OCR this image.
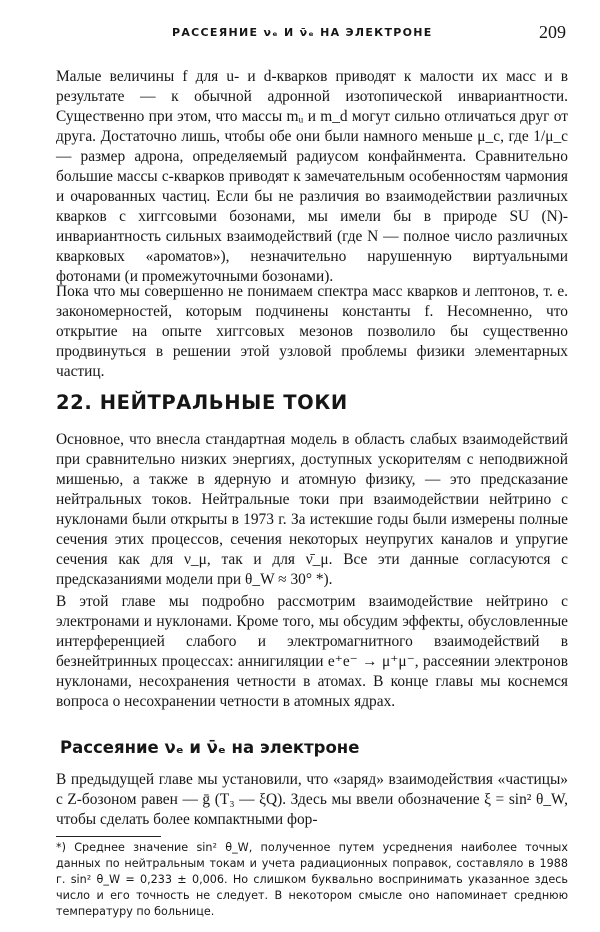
РАССЕЯНИЕ νₑ И ν̄ₑ НА ЭЛЕКТРОНЕ	209

Малые величины f для u- и d-кварков приводят к малости их масс и в результате — к обычной адронной изотопической инвариантности. Существенно при этом, что массы mᵤ и m_d могут сильно отличаться друг от друга. Достаточно лишь, чтобы обе они были намного меньше μ_c, где 1/μ_c — размер адрона, определяемый радиусом конфайнмента. Сравнительно большие массы c-кварков приводят к замечательным особенностям чармония и очарованных частиц. Если бы не различия во взаимодействии различных кварков с хиггсовыми бозонами, мы имели бы в природе SU (N)-инвариантность сильных взаимодействий (где N — полное число различных кварковых «ароматов»), незначительно нарушенную виртуальными фотонами (и промежуточными бозонами).

Пока что мы совершенно не понимаем спектра масс кварков и лептонов, т. е. закономерностей, которым подчинены константы f. Несомненно, что открытие на опыте хиггсовых мезонов позволило бы существенно продвинуться в решении этой узловой проблемы физики элементарных частиц.

22. НЕЙТРАЛЬНЫЕ ТОКИ

Основное, что внесла стандартная модель в область слабых взаимодействий при сравнительно низких энергиях, доступных ускорителям с неподвижной мишенью, а также в ядерную и атомную физику, — это предсказание нейтральных токов. Нейтральные токи при взаимодействии нейтрино с нуклонами были открыты в 1973 г. За истекшие годы были измерены полные сечения этих процессов, сечения некоторых неупругих каналов и упругие сечения как для ν_μ, так и для ν̄_μ. Все эти данные согласуются с предсказаниями модели при θ_W ≈ 30° *).

В этой главе мы подробно рассмотрим взаимодействие нейтрино с электронами и нуклонами. Кроме того, мы обсудим эффекты, обусловленные интерференцией слабого и электромагнитного взаимодействий в безнейтринных процессах: аннигиляции e⁺e⁻ → μ⁺μ⁻, рассеянии электронов нуклонами, несохранения четности в атомах. В конце главы мы коснемся вопроса о несохранении четности в атомных ядрах.

Рассеяние νₑ и ν̄ₑ на электроне

В предыдущей главе мы установили, что «заряд» взаимодействия «частицы» с Z-бозоном равен — ḡ (T₃ — ξQ). Здесь мы ввели обозначение ξ = sin² θ_W, чтобы сделать более компактными фор-

*) Среднее значение sin² θ_W, полученное путем усреднения наиболее точных данных по нейтральным токам и учета радиационных поправок, составляло в 1988 г. sin² θ_W = 0,233 ± 0,006. Но слишком буквально воспринимать указанное здесь число и его точность не следует. В некотором смысле оно напоминает среднюю температуру по больнице.
